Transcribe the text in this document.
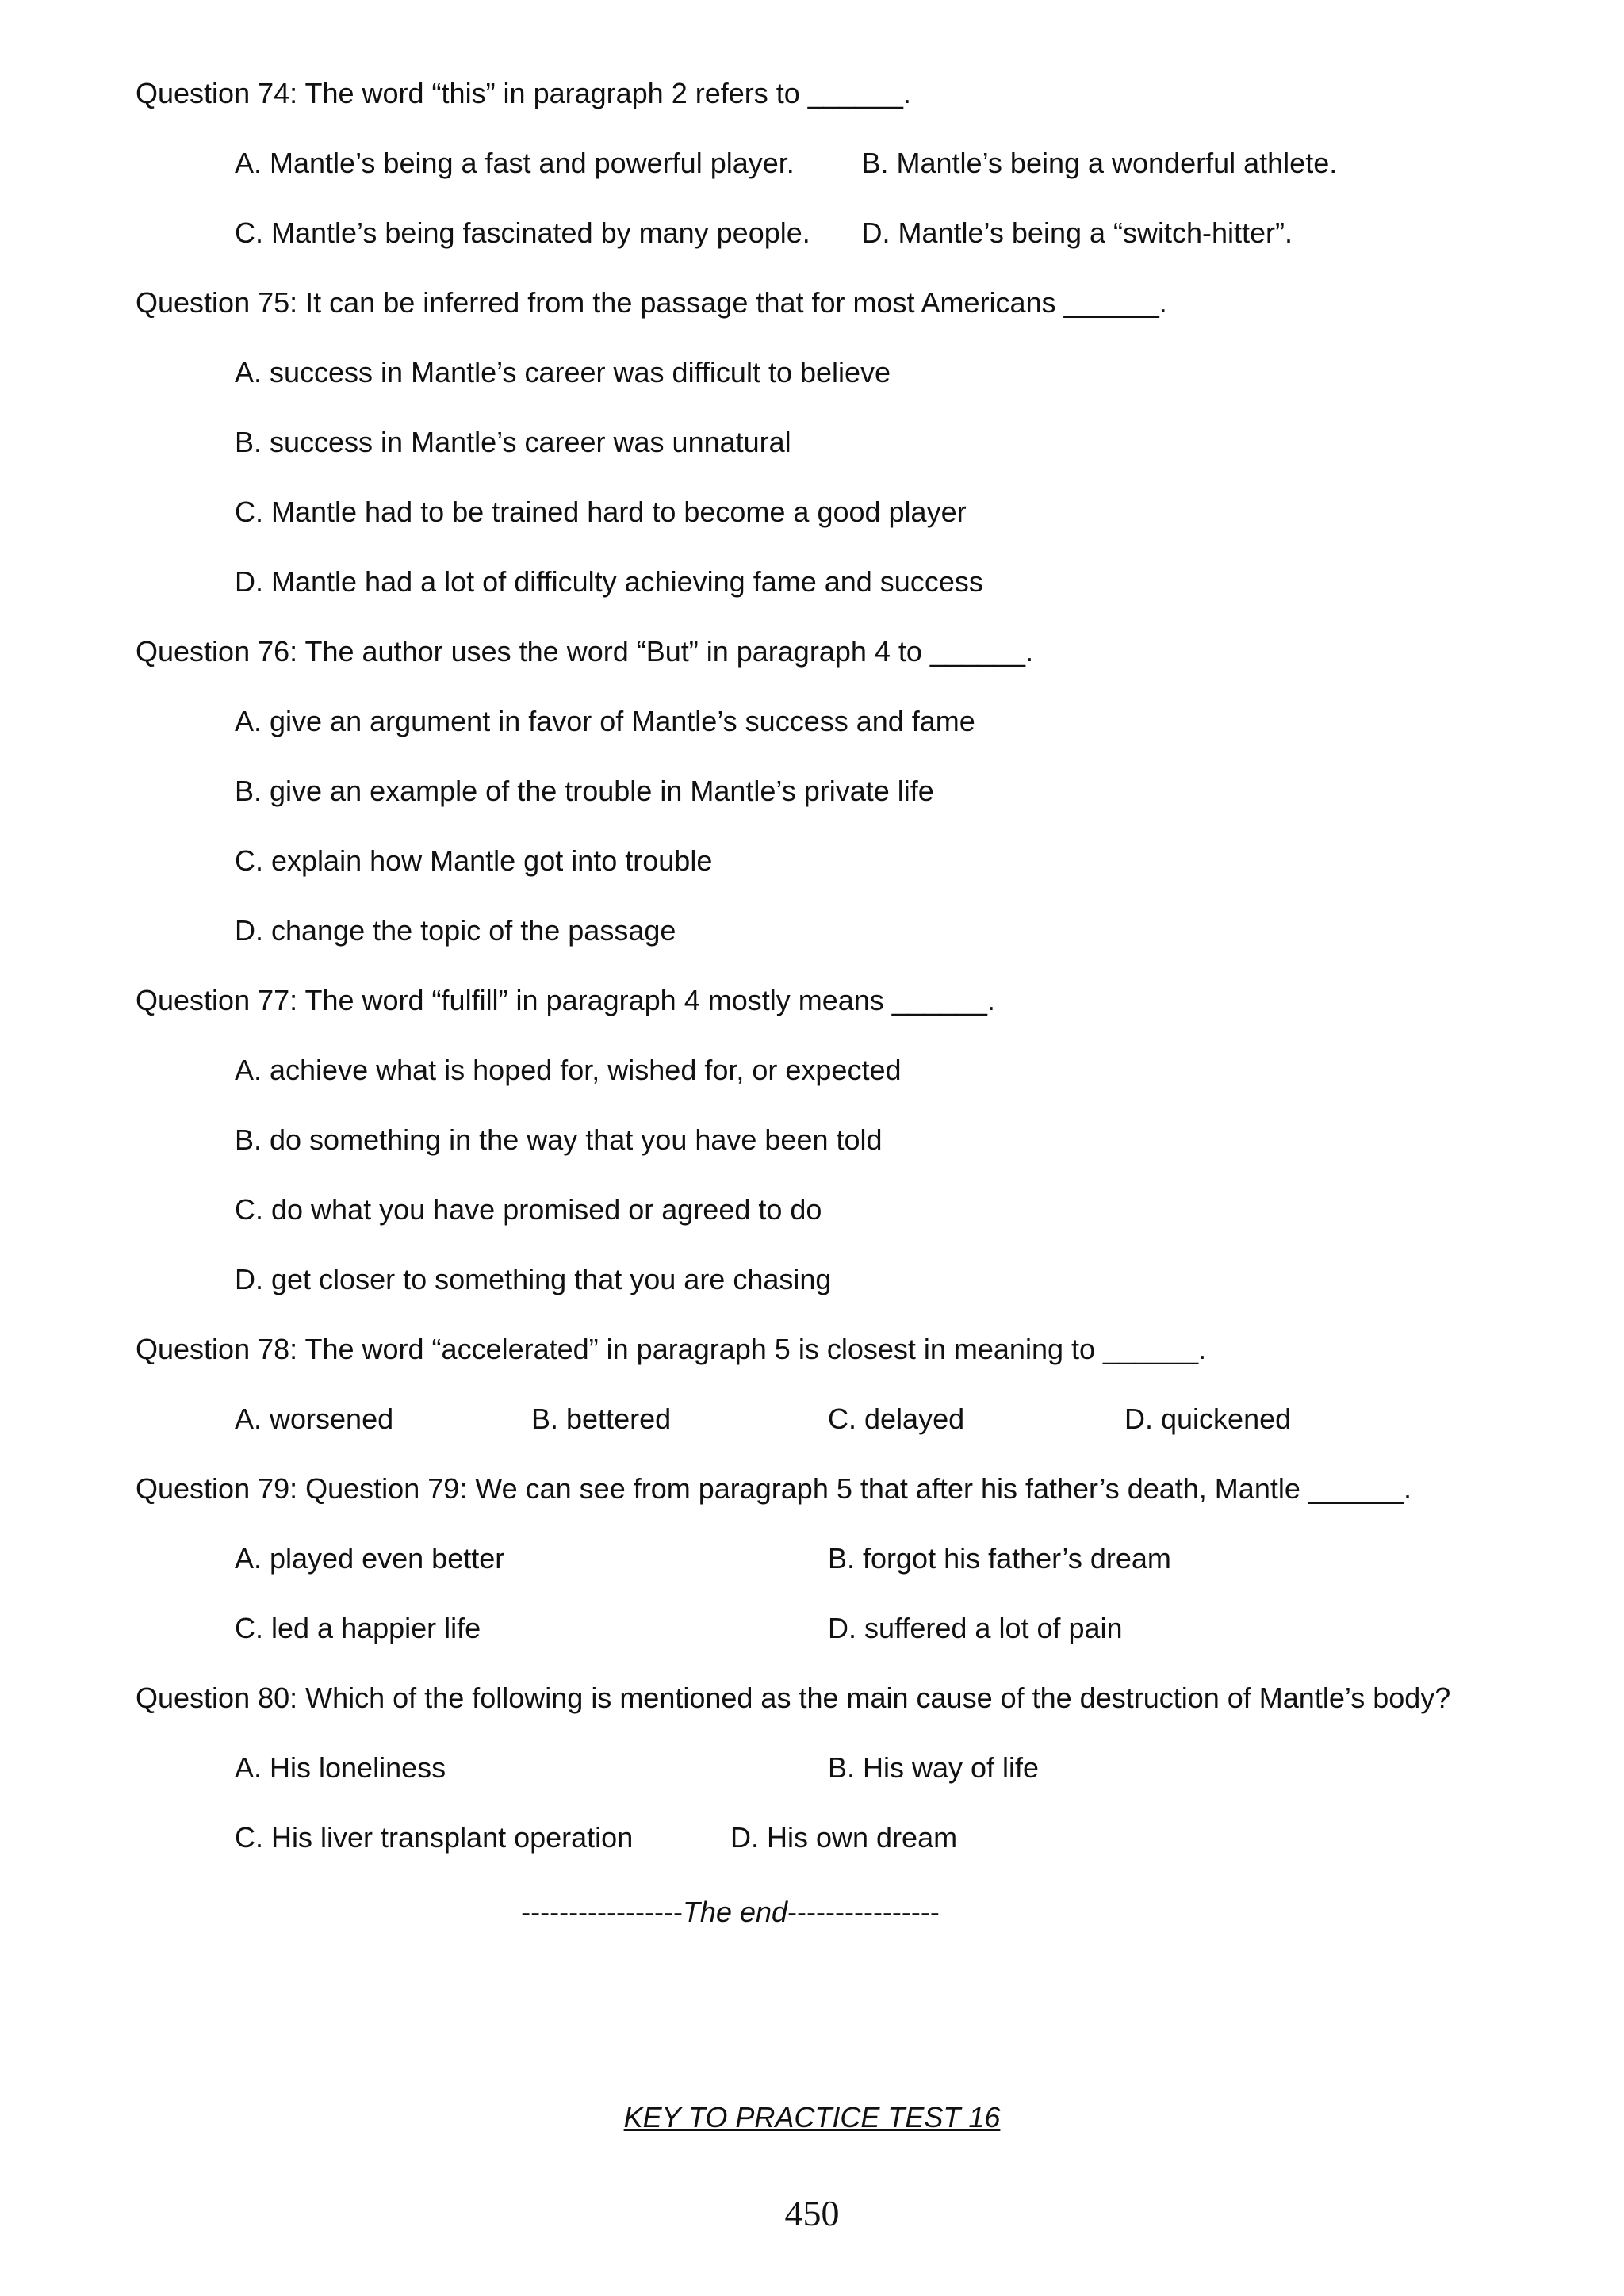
Question 74: The word “this” in paragraph 2 refers to ______.
A. Mantle’s being a fast and powerful player.	B. Mantle’s being a wonderful athlete.
C. Mantle’s being fascinated by many people.	D. Mantle’s being a “switch-hitter”.
Question 75: It can be inferred from the passage that for most Americans ______.
A. success in Mantle’s career was difficult to believe
B. success in Mantle’s career was unnatural
C. Mantle had to be trained hard to become a good player
D. Mantle had a lot of difficulty achieving fame and success
Question 76: The author uses the word “But” in paragraph 4 to ______.
A. give an argument in favor of Mantle’s success and fame
B. give an example of the trouble in Mantle’s private life
C. explain how Mantle got into trouble
D. change the topic of the passage
Question 77: The word “fulfill” in paragraph 4 mostly means ______.
A. achieve what is hoped for, wished for, or expected
B. do something in the way that you have been told
C. do what you have promised or agreed to do
D. get closer to something that you are chasing
Question 78: The word “accelerated” in paragraph 5 is closest in meaning to ______.
A. worsened	B. bettered	C. delayed	D. quickened
Question 79: Question 79: We can see from paragraph 5 that after his father’s death, Mantle ______.
A. played even better	B. forgot his father’s dream
C. led a happier life	D. suffered a lot of pain
Question 80: Which of the following is mentioned as the main cause of the destruction of Mantle’s body?
A. His loneliness	B. His way of life
C. His liver transplant operation	D. His own dream
-----------------The end----------------
KEY TO PRACTICE TEST 16
450
